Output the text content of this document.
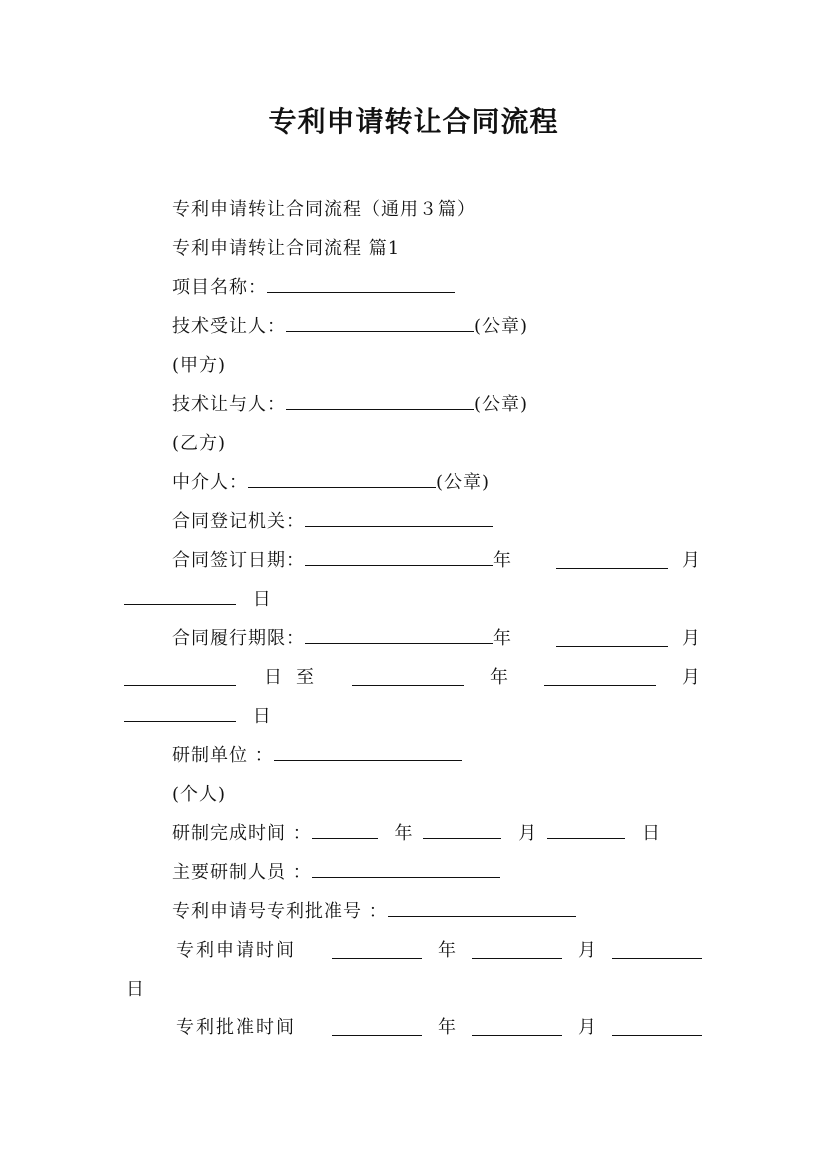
专利申请转让合同流程
专利申请转让合同流程（通用３篇）
专利申请转让合同流程 篇1
项目名称：
技术受让人：	(公章)
(甲方)
技术让与人：	(公章)
(乙方)
中介人：	(公章)
合同登记机关：
合同签订日期：	年	月
日
合同履行期限：	年	月
日 至	年	月
日
研制单位 ：
(个人)
研制完成时间 ：	年	月	日
主要研制人员 ：
专利申请号专利批准号 ：
专利申请时间	年	月
日
专利批准时间	年	月
